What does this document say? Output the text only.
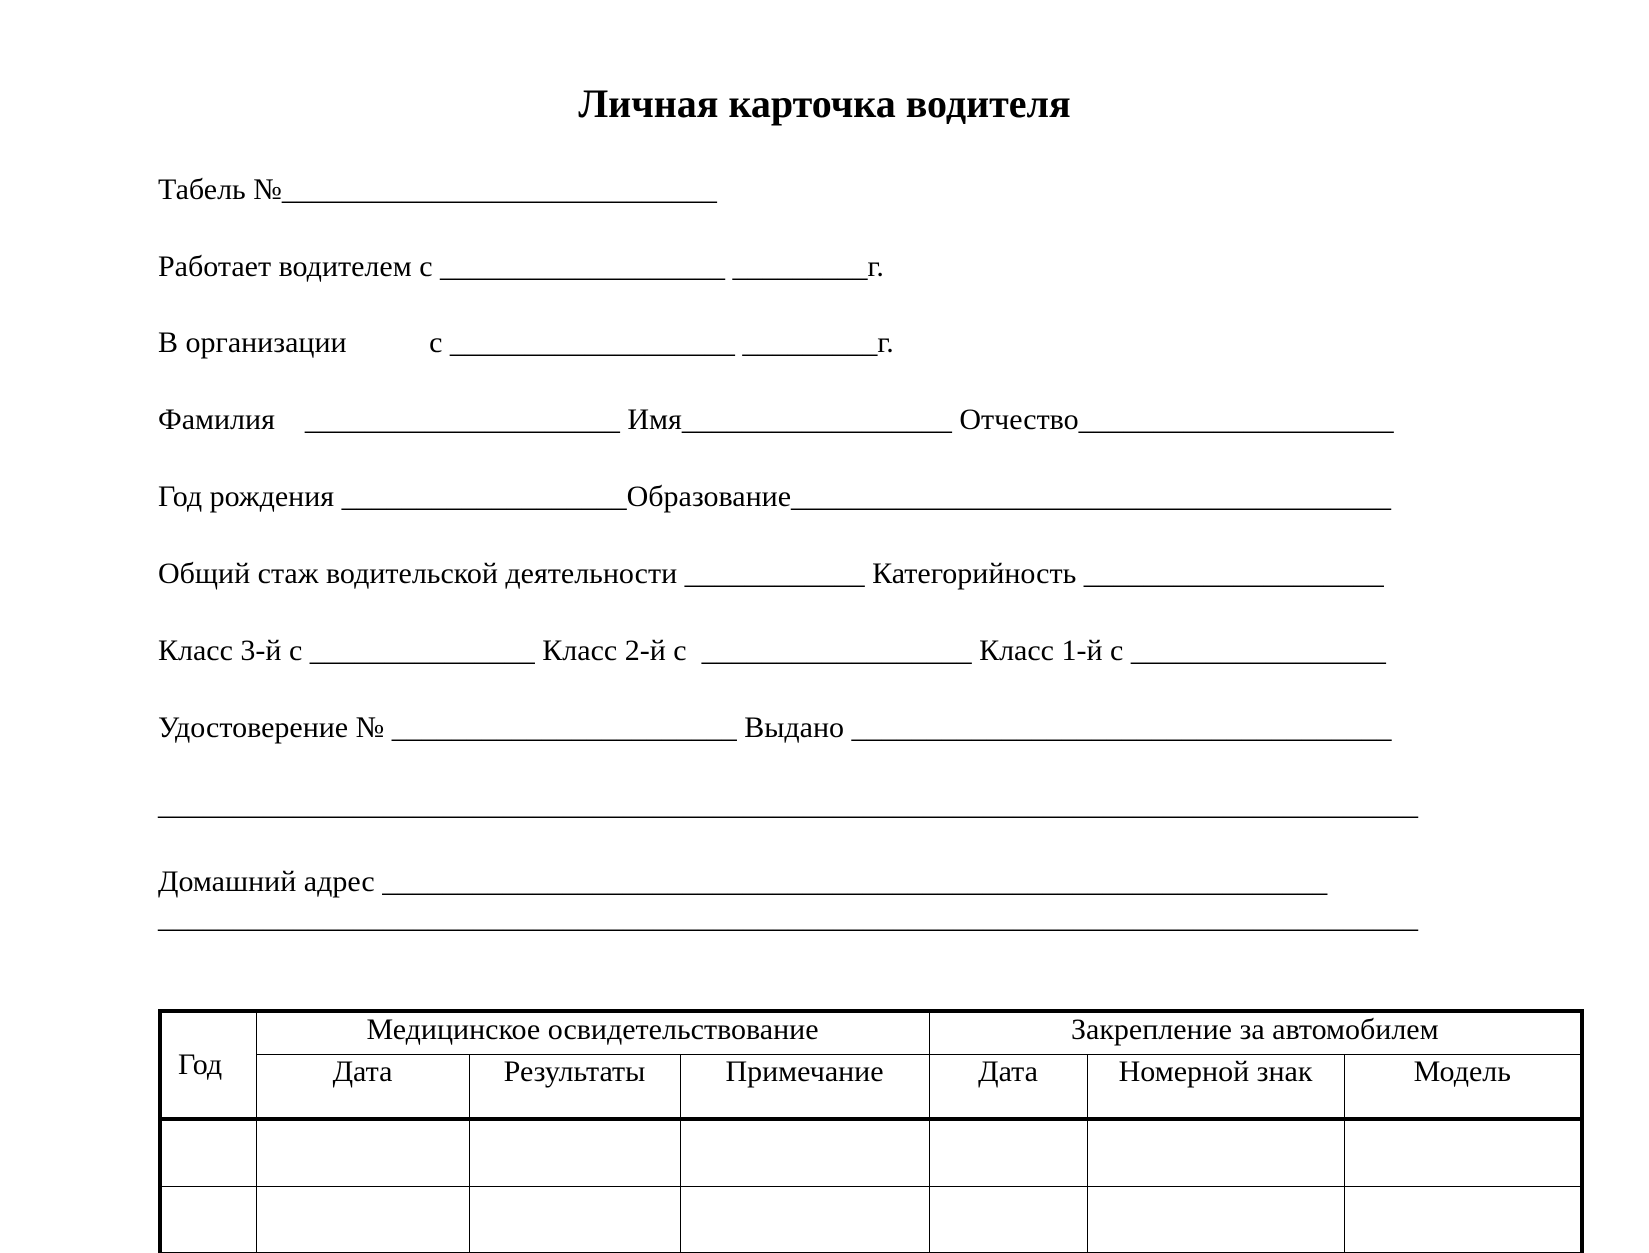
Личная карточка водителя
Табель №_____________________________
Работает водителем с ___________________ _________г.
В организации           с ___________________ _________г.
Фамилия    _____________________ Имя__________________ Отчество_____________________
Год рождения ___________________Образование________________________________________
Общий стаж водительской деятельности ____________ Категорийность ____________________
Класс 3-й с _______________ Класс 2-й с  __________________ Класс 1-й с _________________
Удостоверение № _______________________ Выдано ____________________________________
____________________________________________________________________________________
Домашний адрес _______________________________________________________________
____________________________________________________________________________________
Год	Медицинское освидетельствование	Закрепление за автомобилем
Дата	Результаты	Примечание	Дата	Номерной знак	Модель
